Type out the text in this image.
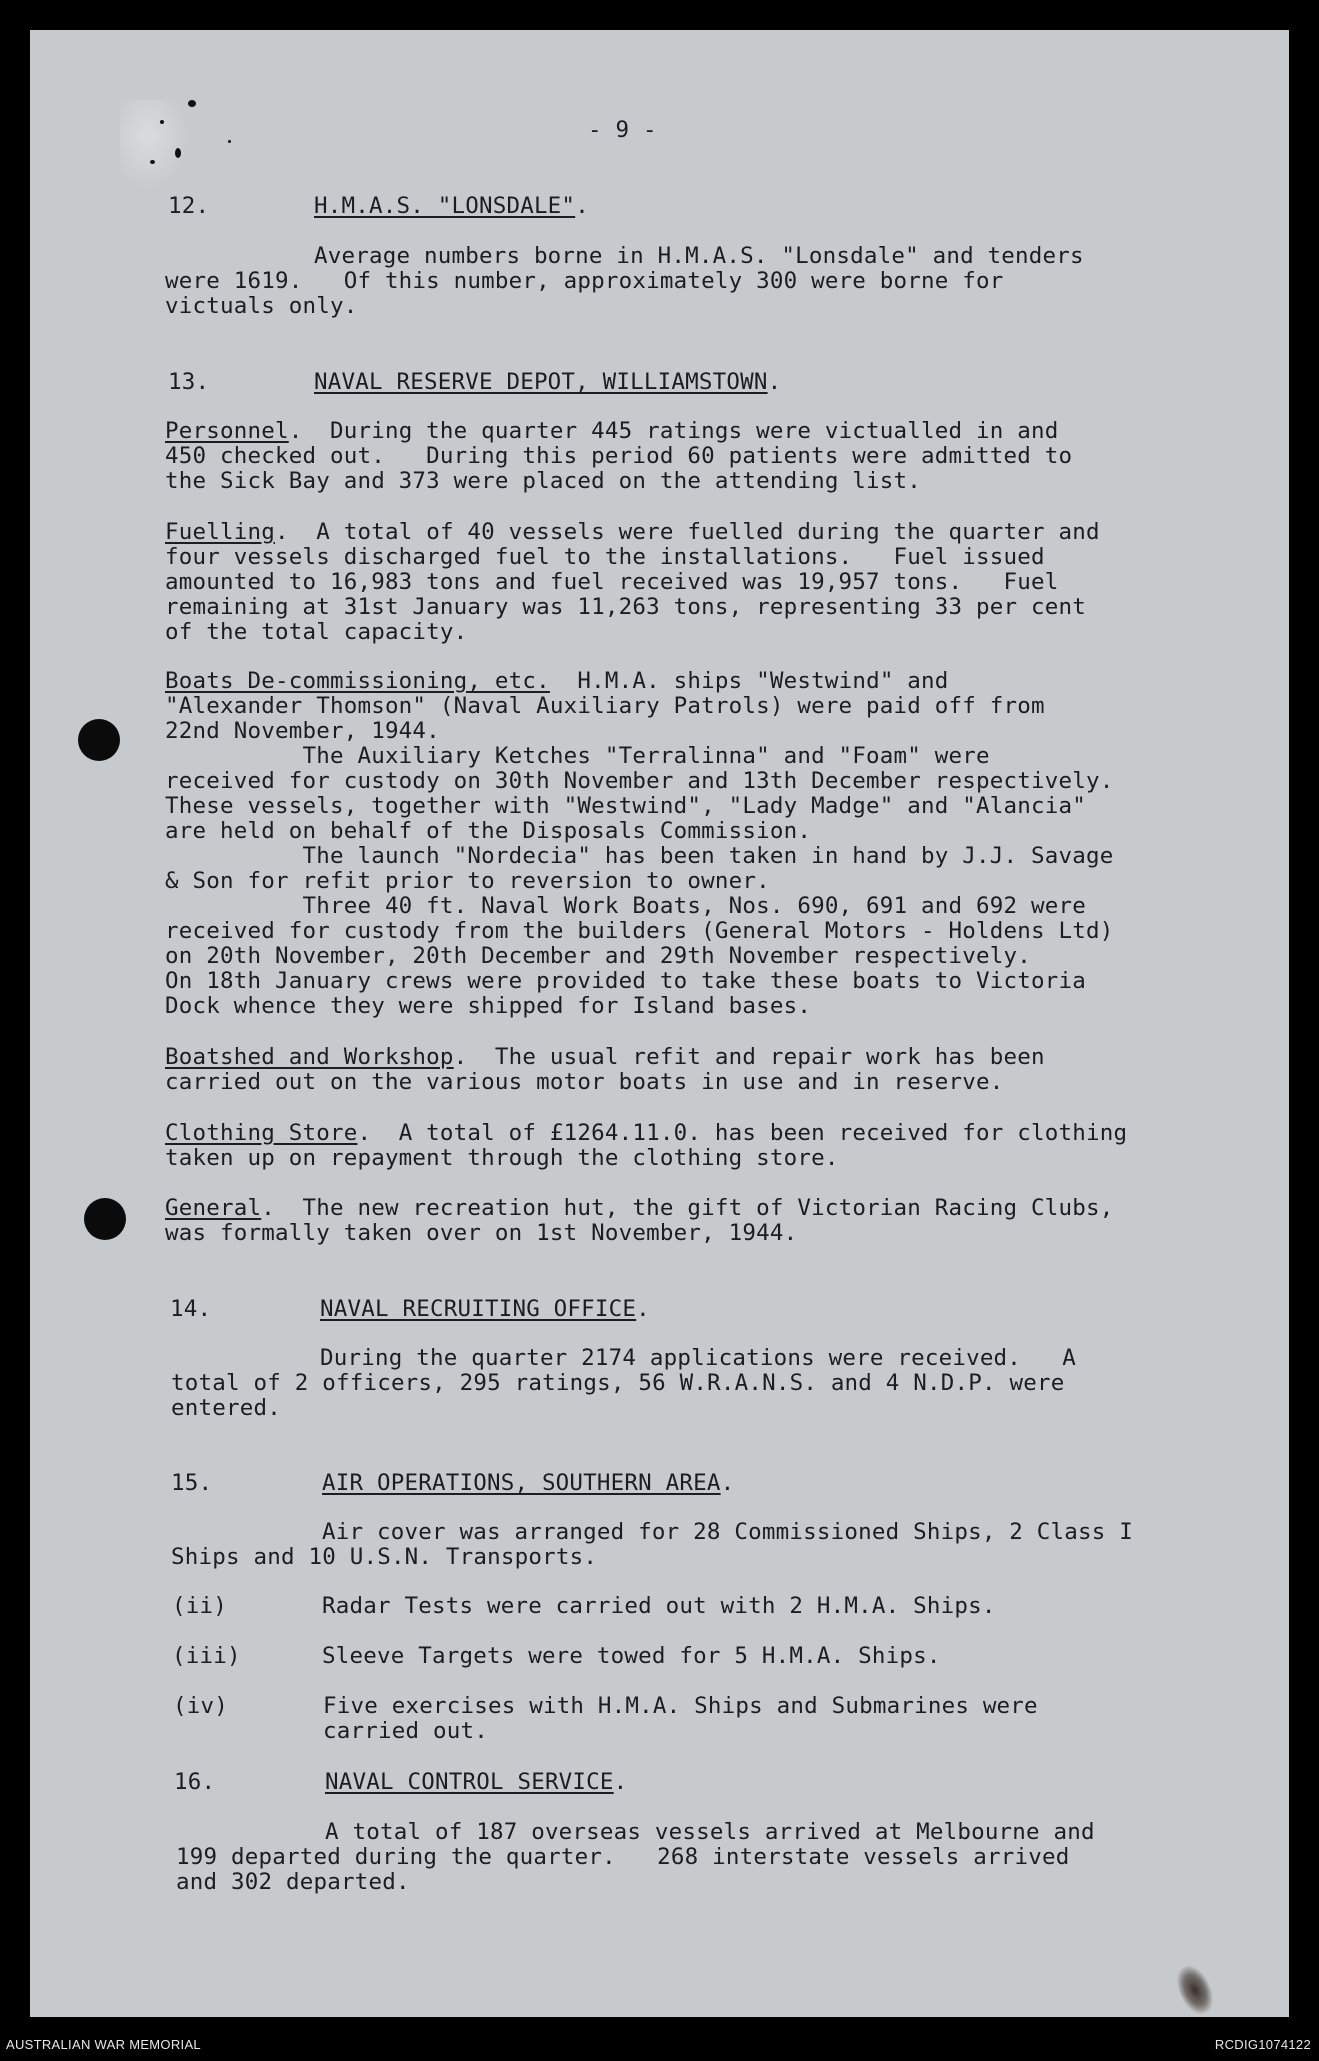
- 9 -
12.	H.M.A.S. "LONSDALE".
Average numbers borne in H.M.A.S. "Lonsdale" and tenders
were 1619.   Of this number, approximately 300 were borne for
victuals only.
13.	NAVAL RESERVE DEPOT, WILLIAMSTOWN.
Personnel.  During the quarter 445 ratings were victualled in and
450 checked out.   During this period 60 patients were admitted to
the Sick Bay and 373 were placed on the attending list.
Fuelling.  A total of 40 vessels were fuelled during the quarter and
four vessels discharged fuel to the installations.   Fuel issued
amounted to 16,983 tons and fuel received was 19,957 tons.   Fuel
remaining at 31st January was 11,263 tons, representing 33 per cent
of the total capacity.
Boats De-commissioning, etc.  H.M.A. ships "Westwind" and
"Alexander Thomson" (Naval Auxiliary Patrols) were paid off from
22nd November, 1944.
The Auxiliary Ketches "Terralinna" and "Foam" were
received for custody on 30th November and 13th December respectively.
These vessels, together with "Westwind", "Lady Madge" and "Alancia"
are held on behalf of the Disposals Commission.
The launch "Nordecia" has been taken in hand by J.J. Savage
& Son for refit prior to reversion to owner.
Three 40 ft. Naval Work Boats, Nos. 690, 691 and 692 were
received for custody from the builders (General Motors - Holdens Ltd)
on 20th November, 20th December and 29th November respectively.
On 18th January crews were provided to take these boats to Victoria
Dock whence they were shipped for Island bases.
Boatshed and Workshop.  The usual refit and repair work has been
carried out on the various motor boats in use and in reserve.
Clothing Store.  A total of £1264.11.0. has been received for clothing
taken up on repayment through the clothing store.
General.  The new recreation hut, the gift of Victorian Racing Clubs,
was formally taken over on 1st November, 1944.
14.	NAVAL RECRUITING OFFICE.
During the quarter 2174 applications were received.   A
total of 2 officers, 295 ratings, 56 W.R.A.N.S. and 4 N.D.P. were
entered.
15.	AIR OPERATIONS, SOUTHERN AREA.
Air cover was arranged for 28 Commissioned Ships, 2 Class I
Ships and 10 U.S.N. Transports.
(ii)	Radar Tests were carried out with 2 H.M.A. Ships.
(iii)	Sleeve Targets were towed for 5 H.M.A. Ships.
(iv)	Five exercises with H.M.A. Ships and Submarines were
carried out.
16.	NAVAL CONTROL SERVICE.
A total of 187 overseas vessels arrived at Melbourne and
199 departed during the quarter.   268 interstate vessels arrived
and 302 departed.
AUSTRALIAN WAR MEMORIAL	RCDIG1074122
